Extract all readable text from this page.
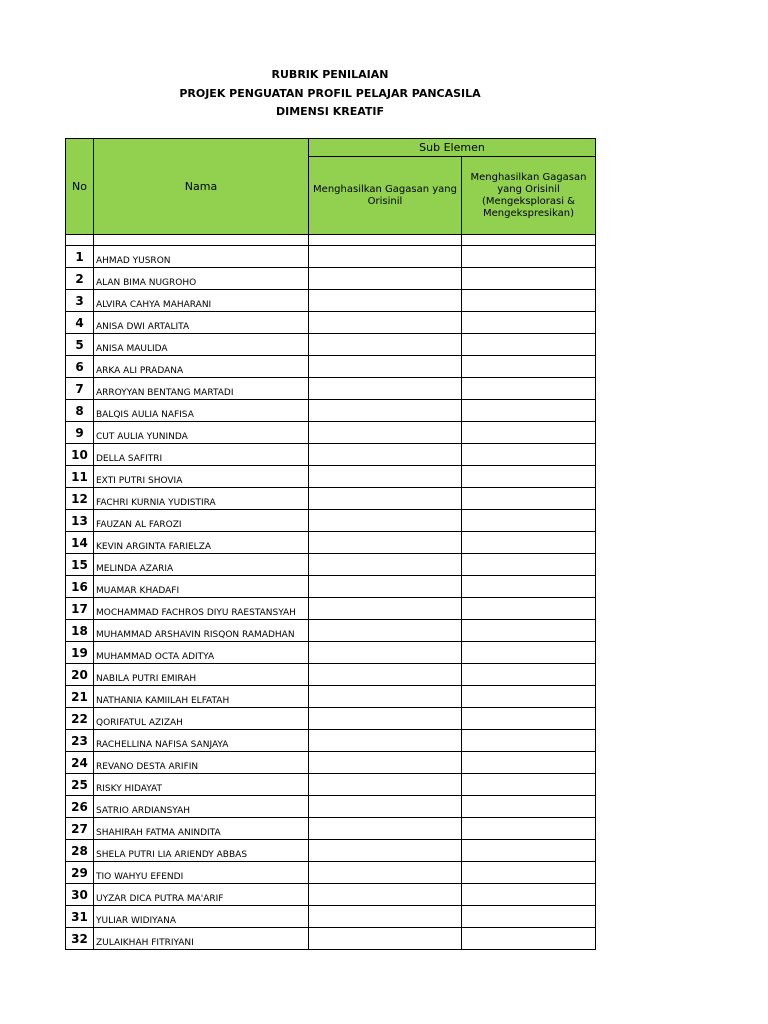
RUBRIK PENILAIAN
PROJEK PENGUATAN PROFIL PELAJAR PANCASILA
DIMENSI KREATIF
No	Nama	Sub Elemen	
		Menghasilkan Gagasan yang Orisinil	Menghasilkan Gagasan yang Orisinil (Mengeksplorasi & Mengekspresikan)

1	AHMAD YUSRON		
2	ALAN BIMA NUGROHO		
3	ALVIRA CAHYA MAHARANI		
4	ANISA DWI ARTALITA		
5	ANISA MAULIDA		
6	ARKA ALI PRADANA		
7	ARROYYAN BENTANG MARTADI		
8	BALQIS AULIA NAFISA		
9	CUT AULIA YUNINDA		
10	DELLA SAFITRI		
11	EXTI PUTRI SHOVIA		
12	FACHRI KURNIA YUDISTIRA		
13	FAUZAN AL FAROZI		
14	KEVIN ARGINTA FARIELZA		
15	MELINDA AZARIA		
16	MUAMAR KHADAFI		
17	MOCHAMMAD FACHROS DIYU RAESTANSYAH		
18	MUHAMMAD ARSHAVIN RISQON RAMADHAN		
19	MUHAMMAD OCTA ADITYA		
20	NABILA PUTRI EMIRAH		
21	NATHANIA KAMIILAH ELFATAH		
22	QORIFATUL AZIZAH		
23	RACHELLINA NAFISA SANJAYA		
24	REVANO DESTA ARIFIN		
25	RISKY HIDAYAT		
26	SATRIO ARDIANSYAH		
27	SHAHIRAH FATMA ANINDITA		
28	SHELA PUTRI LIA ARIENDY ABBAS		
29	TIO WAHYU EFENDI		
30	UYZAR DICA PUTRA MA'ARIF		
31	YULIAR WIDIYANA		
32	ZULAIKHAH FITRIYANI		
